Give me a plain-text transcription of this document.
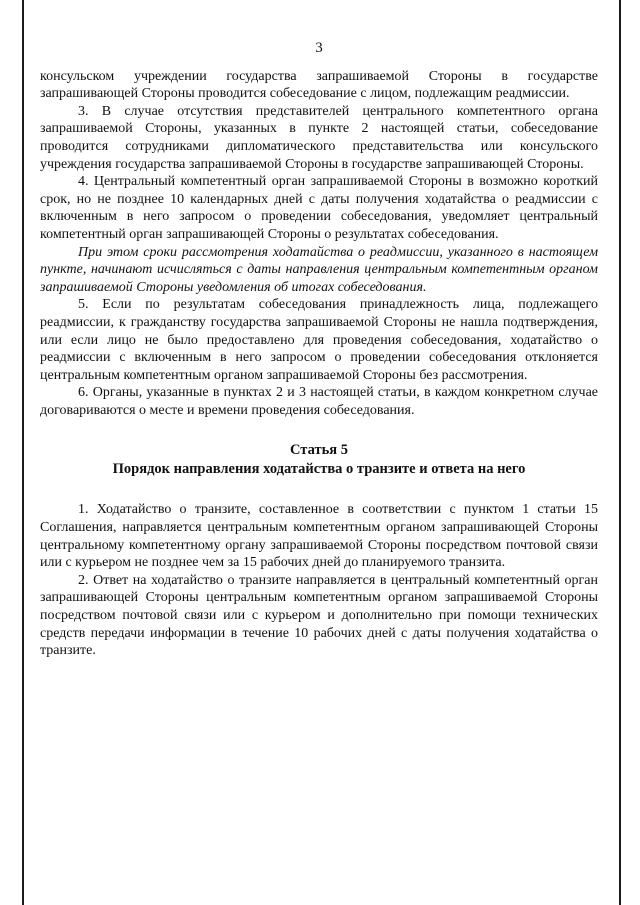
3

консульском учреждении государства запрашиваемой Стороны в государстве запрашивающей Стороны проводится собеседование с лицом, подлежащим реадмиссии.

3. В случае отсутствия представителей центрального компетентного органа запрашиваемой Стороны, указанных в пункте 2 настоящей статьи, собеседование проводится сотрудниками дипломатического представительства или консульского учреждения государства запрашиваемой Стороны в государстве запрашивающей Стороны.

4. Центральный компетентный орган запрашиваемой Стороны в возможно короткий срок, но не позднее 10 календарных дней с даты получения ходатайства о реадмиссии с включенным в него запросом о проведении собеседования, уведомляет центральный компетентный орган запрашивающей Стороны о результатах собеседования.

При этом сроки рассмотрения ходатайства о реадмиссии, указанного в настоящем пункте, начинают исчисляться с даты направления центральным компетентным органом запрашиваемой Стороны уведомления об итогах собеседования.

5. Если по результатам собеседования принадлежность лица, подлежащего реадмиссии, к гражданству государства запрашиваемой Стороны не нашла подтверждения, или если лицо не было предоставлено для проведения собеседования, ходатайство о реадмиссии с включенным в него запросом о проведении собеседования отклоняется центральным компетентным органом запрашиваемой Стороны без рассмотрения.

6. Органы, указанные в пунктах 2 и 3 настоящей статьи, в каждом конкретном случае договариваются о месте и времени проведения собеседования.

Статья 5
Порядок направления ходатайства о транзите и ответа на него

1. Ходатайство о транзите, составленное в соответствии с пунктом 1 статьи 15 Соглашения, направляется центральным компетентным органом запрашивающей Стороны центральному компетентному органу запрашиваемой Стороны посредством почтовой связи или с курьером не позднее чем за 15 рабочих дней до планируемого транзита.

2. Ответ на ходатайство о транзите направляется в центральный компетентный орган запрашивающей Стороны центральным компетентным органом запрашиваемой Стороны посредством почтовой связи или с курьером и дополнительно при помощи технических средств передачи информации в течение 10 рабочих дней с даты получения ходатайства о транзите.
